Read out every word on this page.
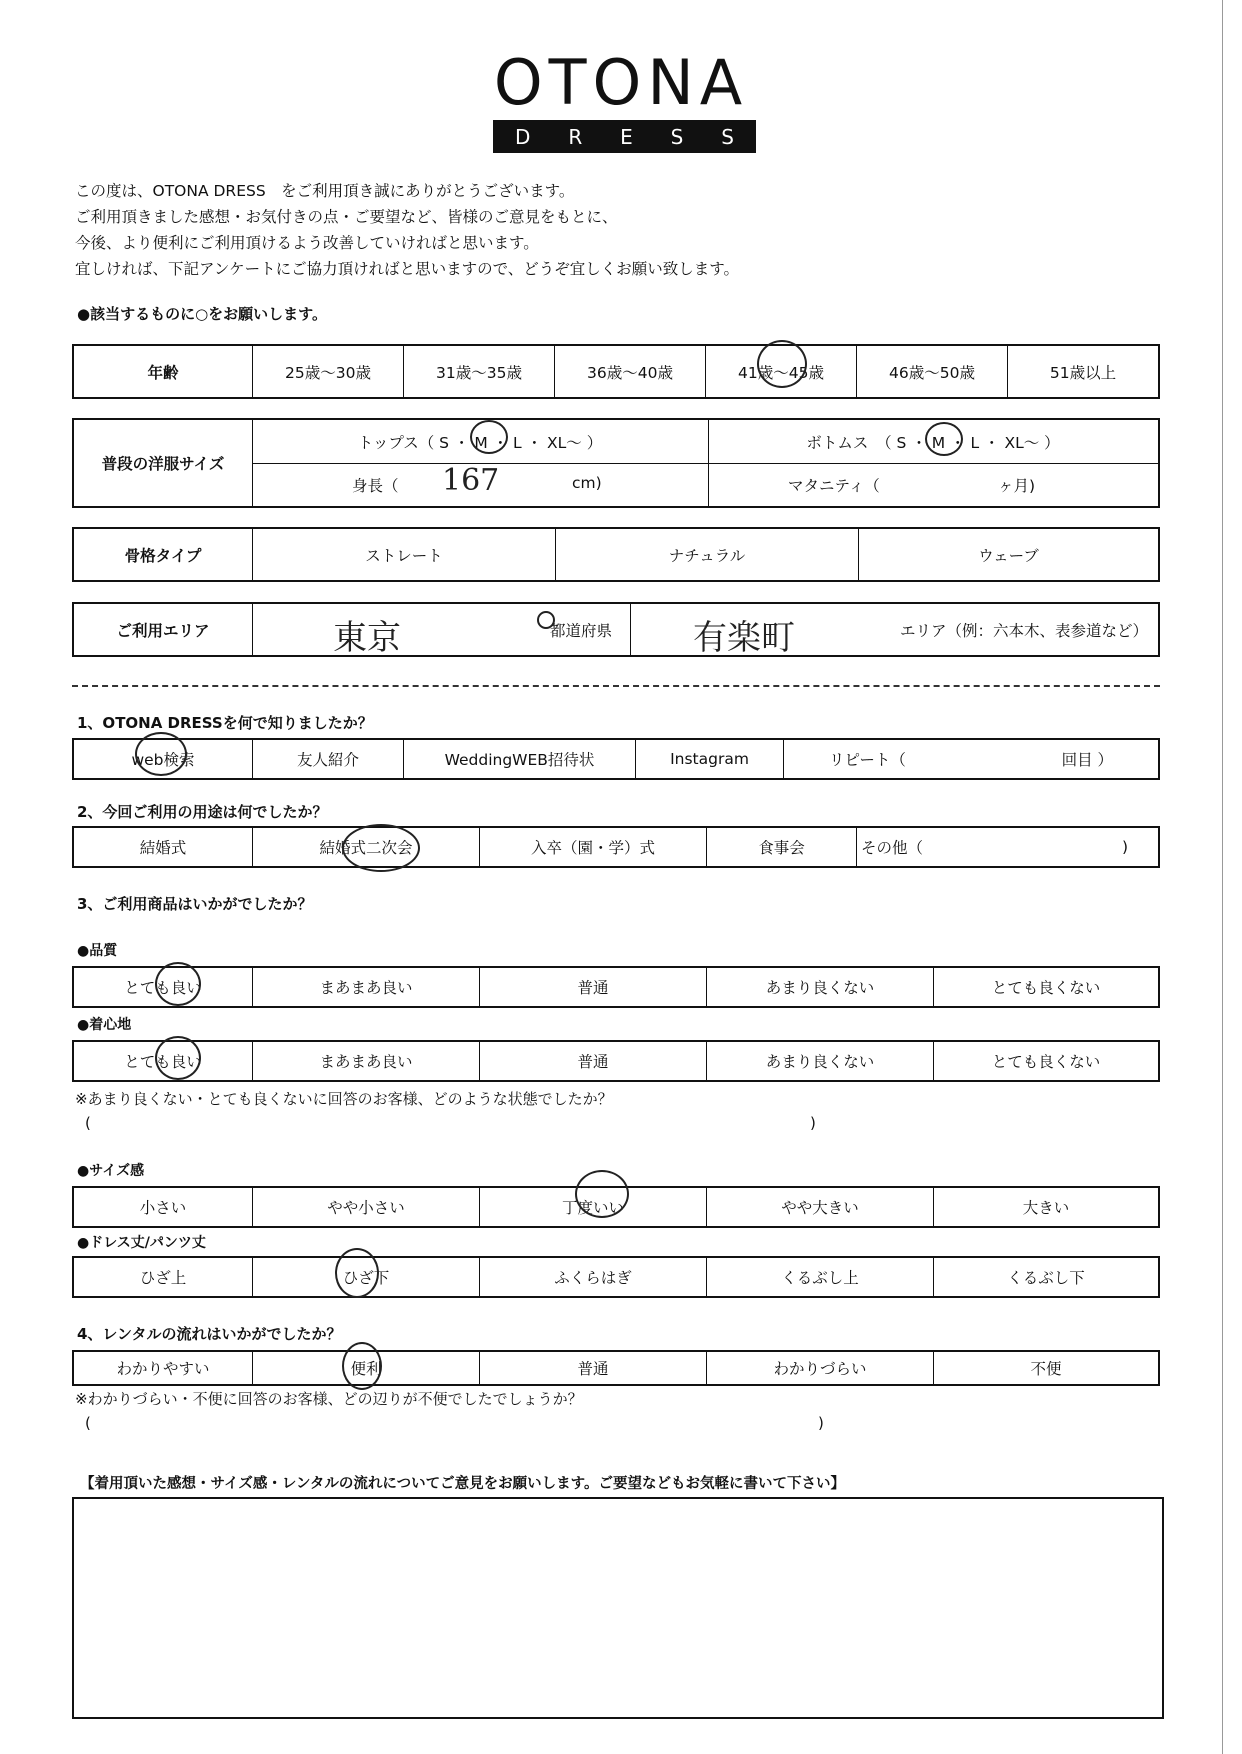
OTONA
D R E S S
この度は、OTONA DRESS　をご利用頂き誠にありがとうございます。
ご利用頂きました感想・お気付きの点・ご要望など、皆様のご意見をもとに、
今後、より便利にご利用頂けるよう改善していければと思います。
宜しければ、下記アンケートにご協力頂ければと思いますので、どうぞ宜しくお願い致します。
●該当するものに○をお願いします。
年齢	25歳～30歳	31歳～35歳	36歳～40歳	41歳～45歳	46歳～50歳	51歳以上
普段の洋服サイズ
トップス（ S ・ M ・ L ・ XL～ ）	ボトムス　（ S ・ M ・ L ・ XL～ ）
身長（ 167	cm)	マタニティ（	ヶ月)
骨格タイプ	ストレート	ナチュラル	ウェーブ
ご利用エリア	東京	都道府県 有楽町	エリア（例：六本木、表参道など）
1、OTONA DRESSを何で知りましたか？
web検索	友人紹介	WeddingWEB招待状	Instagram	リピート（	回目 ）
2、今回ご利用の用途は何でしたか？
結婚式	結婚式二次会	入卒（園・学）式	食事会	その他（	)
3、ご利用商品はいかがでしたか？
●品質
とても良い	まあまあ良い	普通	あまり良くない	とても良くない
●着心地
とても良い	まあまあ良い	普通	あまり良くない	とても良くない
※あまり良くない・とても良くないに回答のお客様、どのような状態でしたか？
(	)
●サイズ感
小さい	やや小さい	丁度いい	やや大きい	大きい
●ドレス丈/パンツ丈
ひざ上	ひざ下	ふくらはぎ	くるぶし上	くるぶし下
4、レンタルの流れはいかがでしたか？
わかりやすい	便利	普通	わかりづらい	不便
※わかりづらい・不便に回答のお客様、どの辺りが不便でしたでしょうか？
(	)
【着用頂いた感想・サイズ感・レンタルの流れについてご意見をお願いします。ご要望などもお気軽に書いて下さい】
